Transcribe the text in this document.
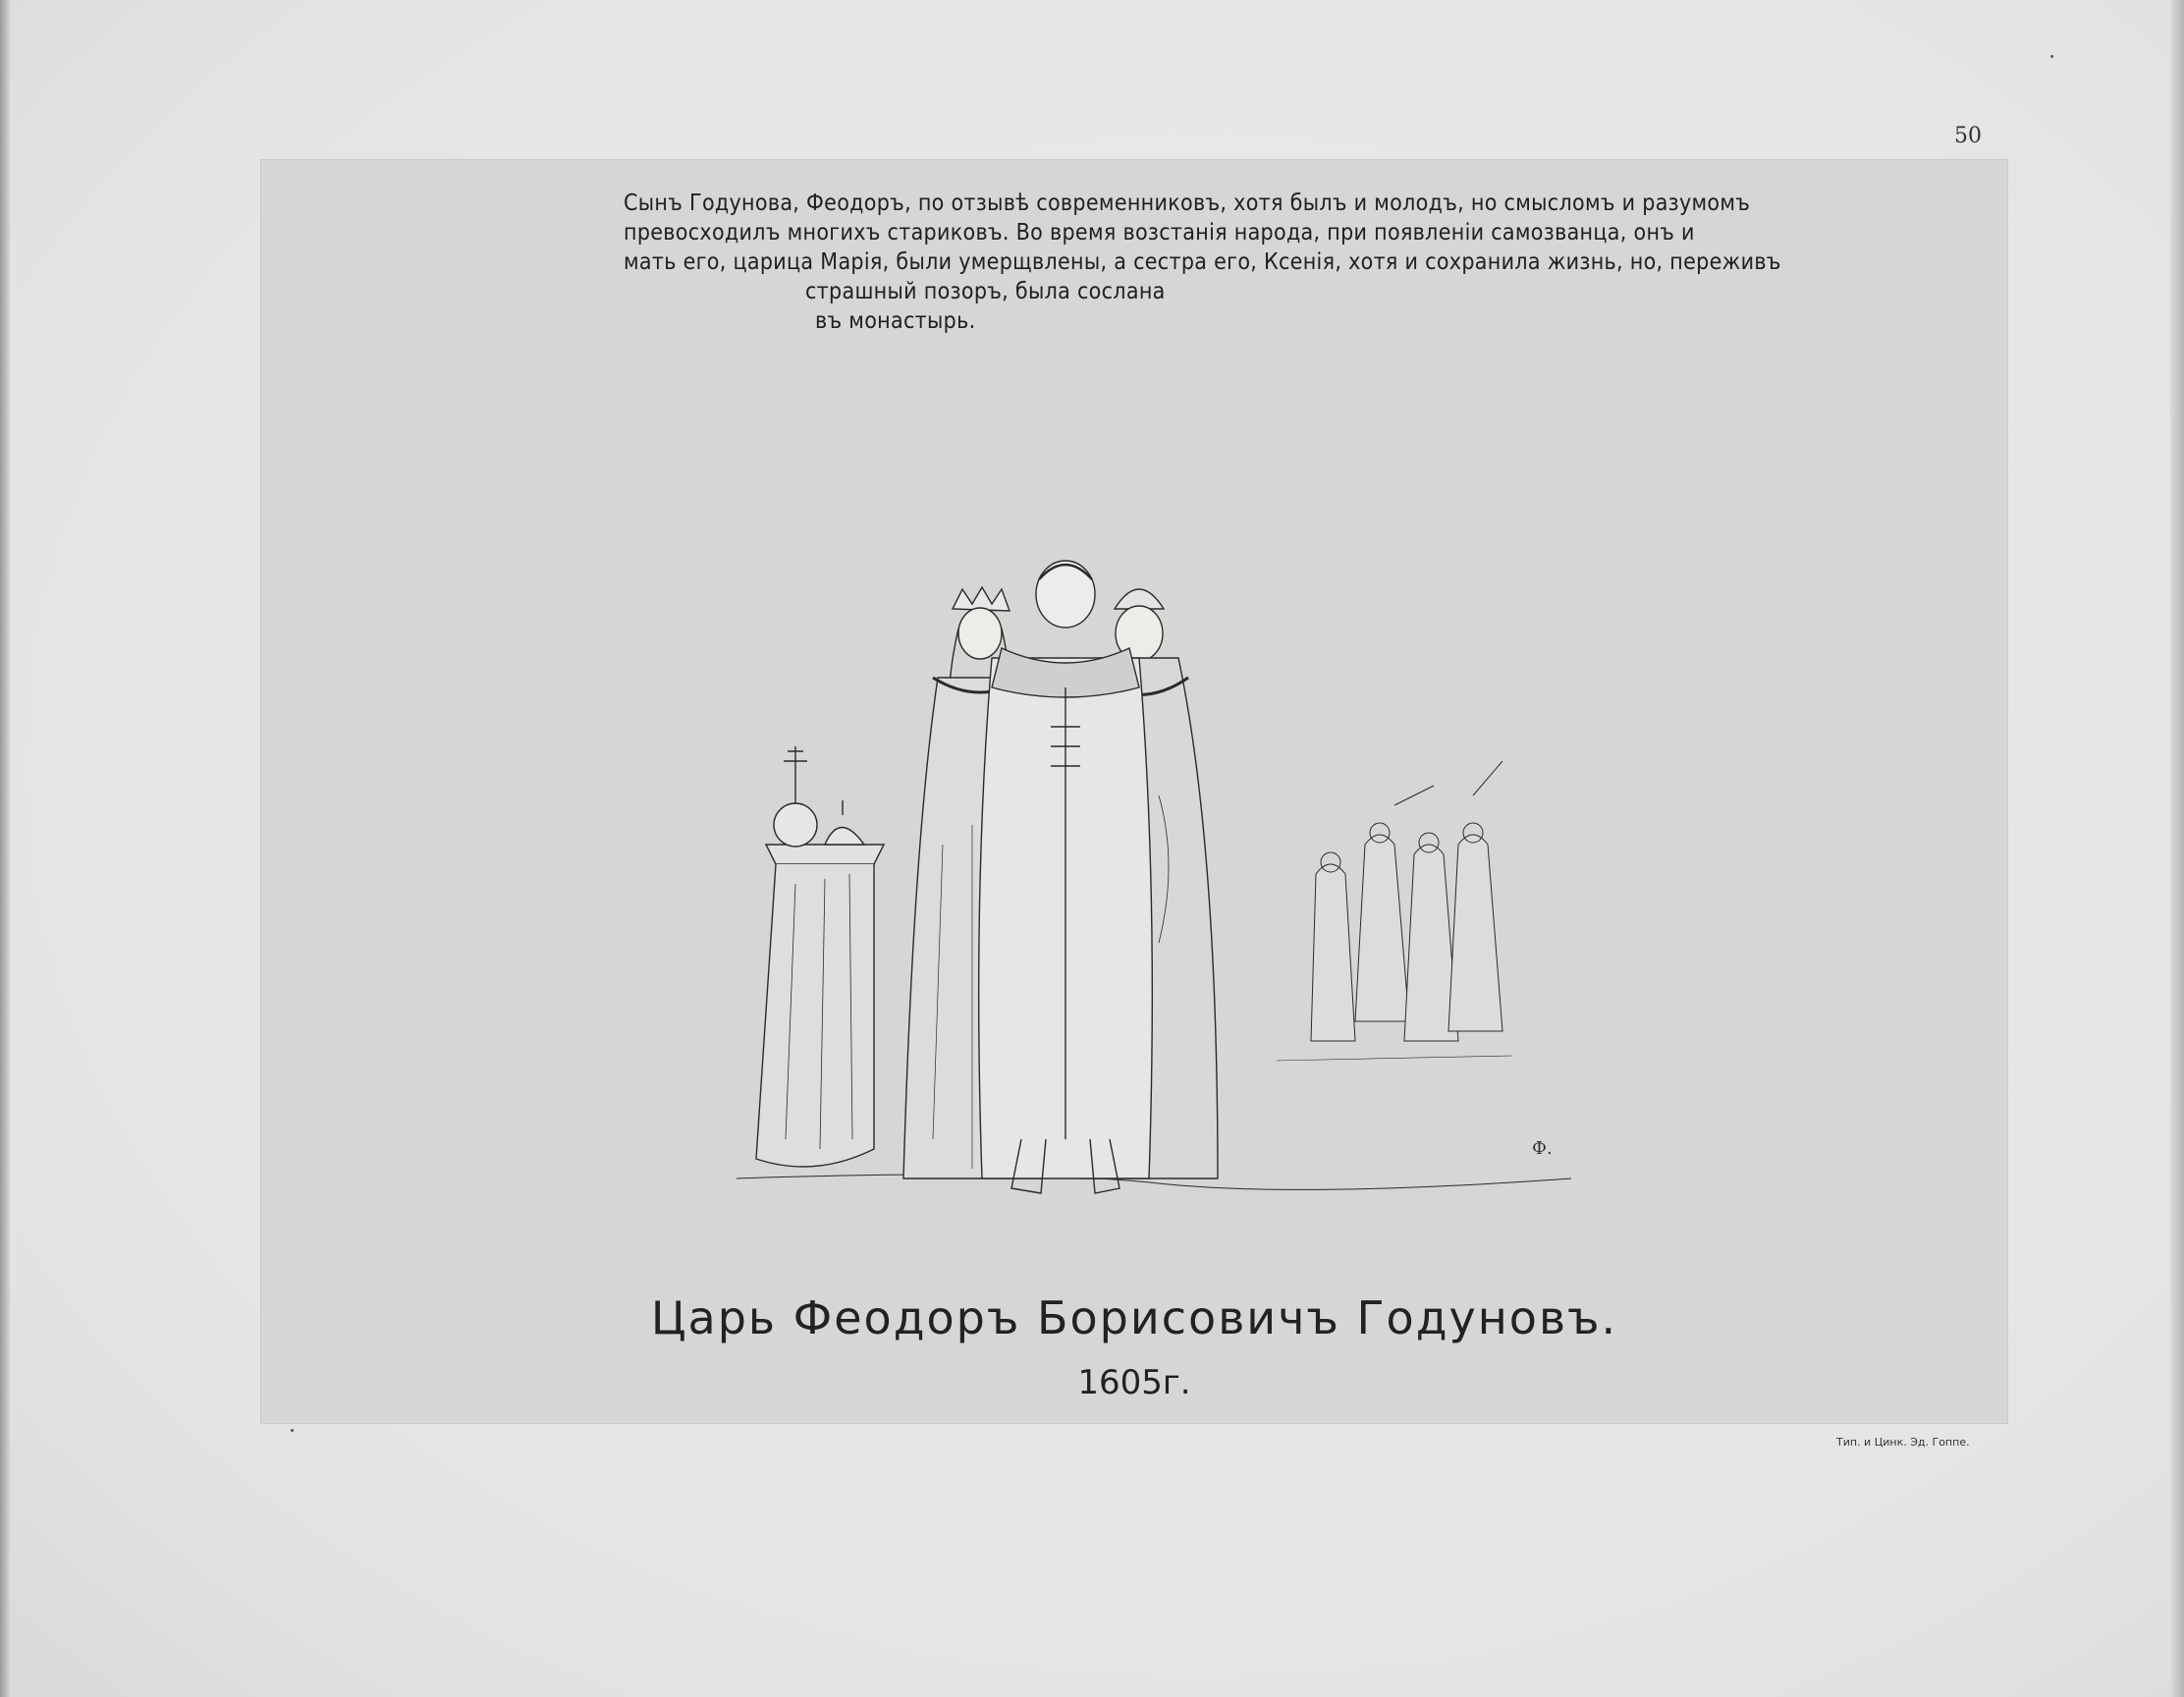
50
Сынъ Годунова, Феодоръ, по отзывѣ современниковъ, хотя былъ и молодъ, но смысломъ и разумомъ
превосходилъ многихъ стариковъ. Во время возстанія народа, при появленіи самозванца, онъ и
мать его, царица Марія, были умерщвлены, а сестра его, Ксенія, хотя и сохранила жизнь, но, переживъ
страшный позоръ, была сослана
въ монастырь.
Ф.
Царь Феодоръ Борисовичъ Годуновъ.
1605г.
Тип. и Цинк. Эд. Гоппе.
